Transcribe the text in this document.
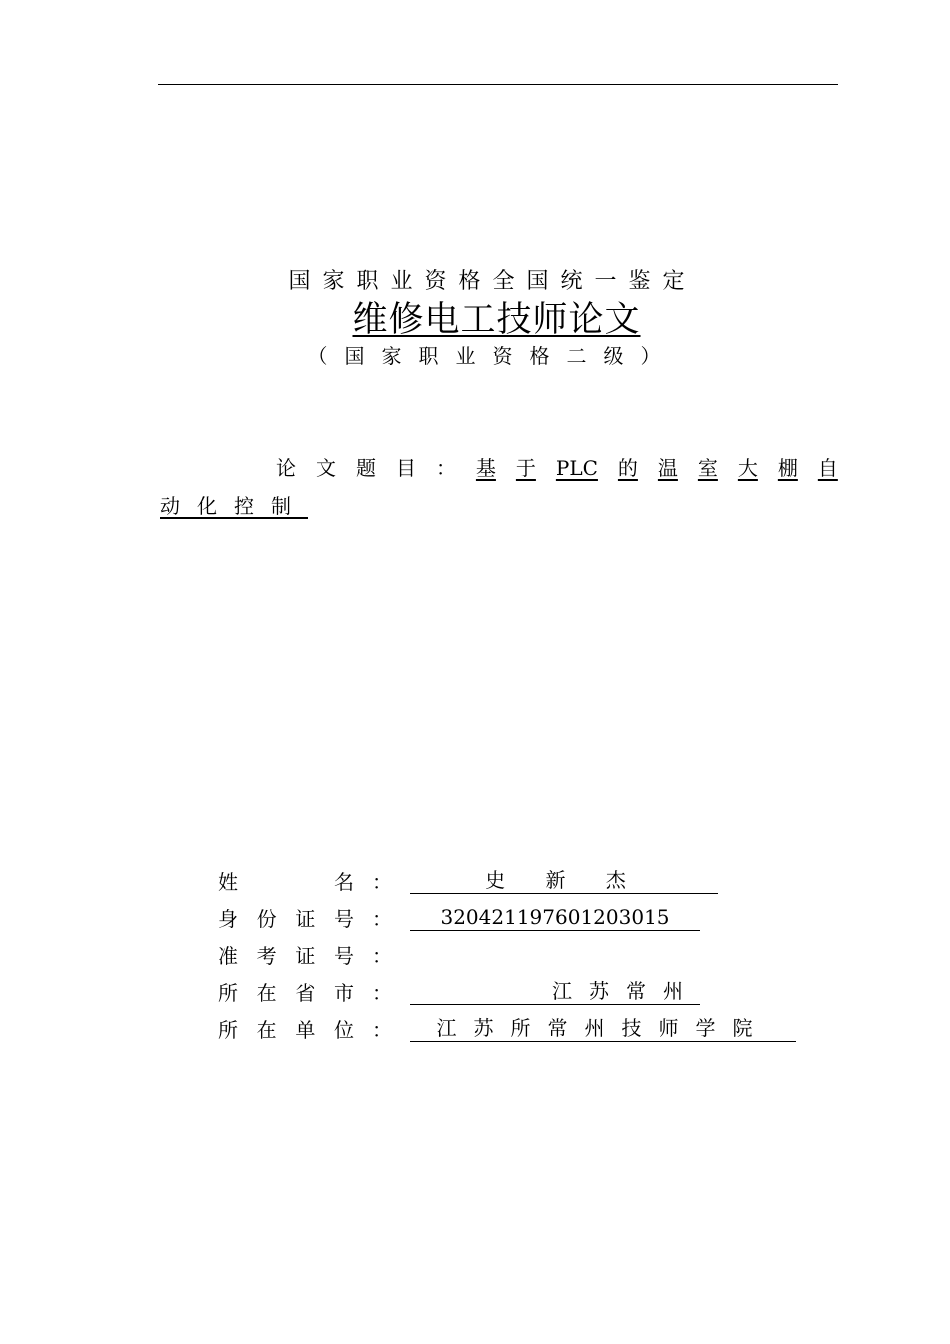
国家职业资格全国统一鉴定
维修电工技师论文
（国家职业资格二级）
论 文 题 目 ： 基 于 PLC 的 温 室 大 棚 自
动化控制
姓	名 ：	史 新 杰
身 份 证 号 ：	320421197601203015
准 考 证 号 ：
所 在 省 市 ：	江苏常州
所 在 单 位 ：	江苏所常州技师学院
